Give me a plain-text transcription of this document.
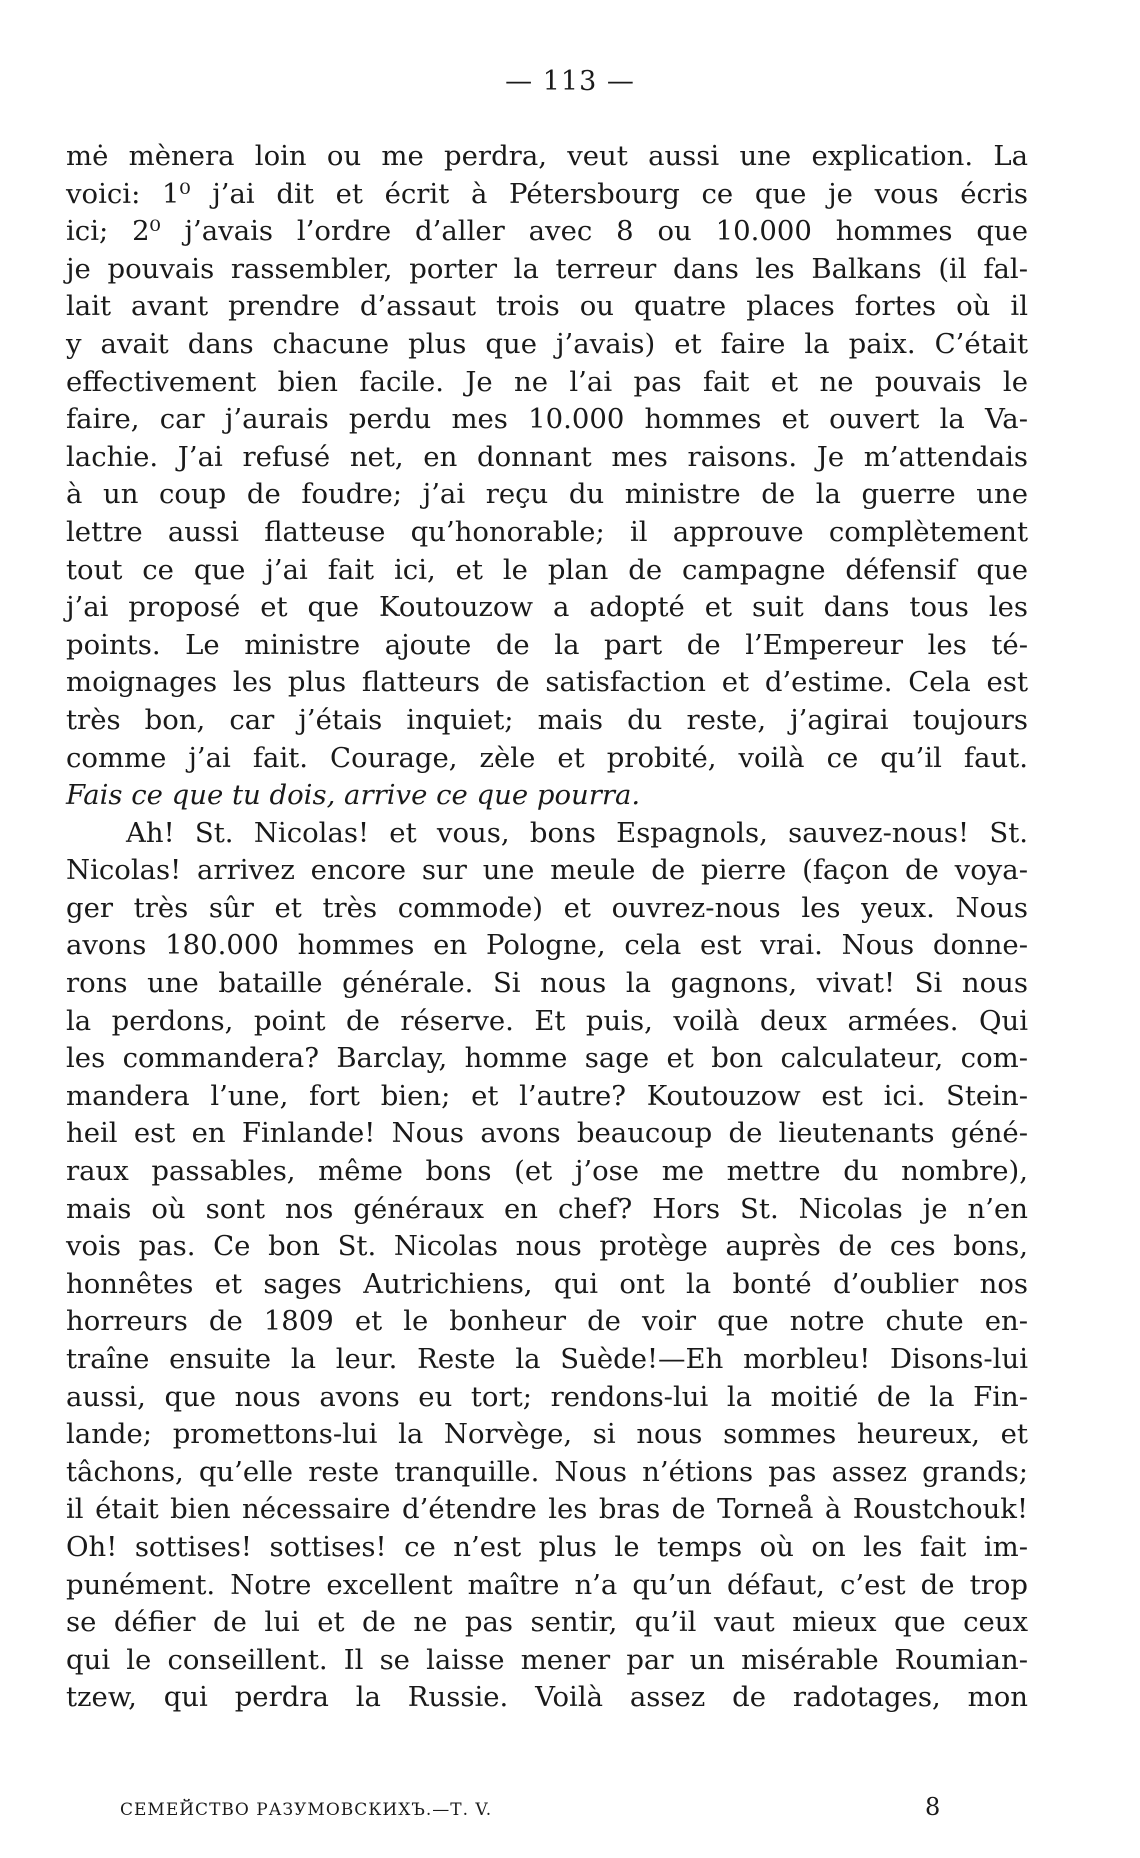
— 113 —

mė mènera loin ou me perdra, veut aussi une explication. La

voici: 1⁰ j’ai dit et écrit à Pétersbourg ce que je vous écris

ici; 2⁰ j’avais l’ordre d’aller avec 8 ou 10.000 hommes que

je pouvais rassembler, porter la terreur dans les Balkans (il fal-

lait avant prendre d’assaut trois ou quatre places fortes où il

y avait dans chacune plus que j’avais) et faire la paix. C’était

effectivement bien facile. Je ne l’ai pas fait et ne pouvais le

faire, car j’aurais perdu mes 10.000 hommes et ouvert la Va-

lachie. J’ai refusé net, en donnant mes raisons. Je m’attendais

à un coup de foudre; j’ai reçu du ministre de la guerre une

lettre aussi flatteuse qu’honorable; il approuve complètement

tout ce que j’ai fait ici, et le plan de campagne défensif que

j’ai proposé et que Koutouzow a adopté et suit dans tous les

points. Le ministre ajoute de la part de l’Empereur les té-

moignages les plus flatteurs de satisfaction et d’estime. Cela est

très bon, car j’étais inquiet; mais du reste, j’agirai toujours

comme j’ai fait. Courage, zèle et probité, voilà ce qu’il faut.

Fais ce que tu dois, arrive ce que pourra.

Ah! St. Nicolas! et vous, bons Espagnols, sauvez-nous! St.

Nicolas! arrivez encore sur une meule de pierre (façon de voya-

ger très sûr et très commode) et ouvrez-nous les yeux. Nous

avons 180.000 hommes en Pologne, cela est vrai. Nous donne-

rons une bataille générale. Si nous la gagnons, vivat! Si nous

la perdons, point de réserve. Et puis, voilà deux armées. Qui

les commandera? Barclay, homme sage et bon calculateur, com-

mandera l’une, fort bien; et l’autre? Koutouzow est ici. Stein-

heil est en Finlande! Nous avons beaucoup de lieutenants géné-

raux passables, même bons (et j’ose me mettre du nombre),

mais où sont nos généraux en chef? Hors St. Nicolas je n’en

vois pas. Ce bon St. Nicolas nous protège auprès de ces bons,

honnêtes et sages Autrichiens, qui ont la bonté d’oublier nos

horreurs de 1809 et le bonheur de voir que notre chute en-

traîne ensuite la leur. Reste la Suède!—Eh morbleu! Disons-lui

aussi, que nous avons eu tort; rendons-lui la moitié de la Fin-

lande; promettons-lui la Norvège, si nous sommes heureux, et

tâchons, qu’elle reste tranquille. Nous n’étions pas assez grands;

il était bien nécessaire d’étendre les bras de Torneå à Roustchouk!

Oh! sottises! sottises! ce n’est plus le temps où on les fait im-

punément. Notre excellent maître n’a qu’un défaut, c’est de trop

se défier de lui et de ne pas sentir, qu’il vaut mieux que ceux

qui le conseillent. Il se laisse mener par un misérable Roumian-

tzew, qui perdra la Russie. Voilà assez de radotages, mon

СЕМЕЙСТВО РАЗУМОВСКИХЪ.—Т. V.	8
